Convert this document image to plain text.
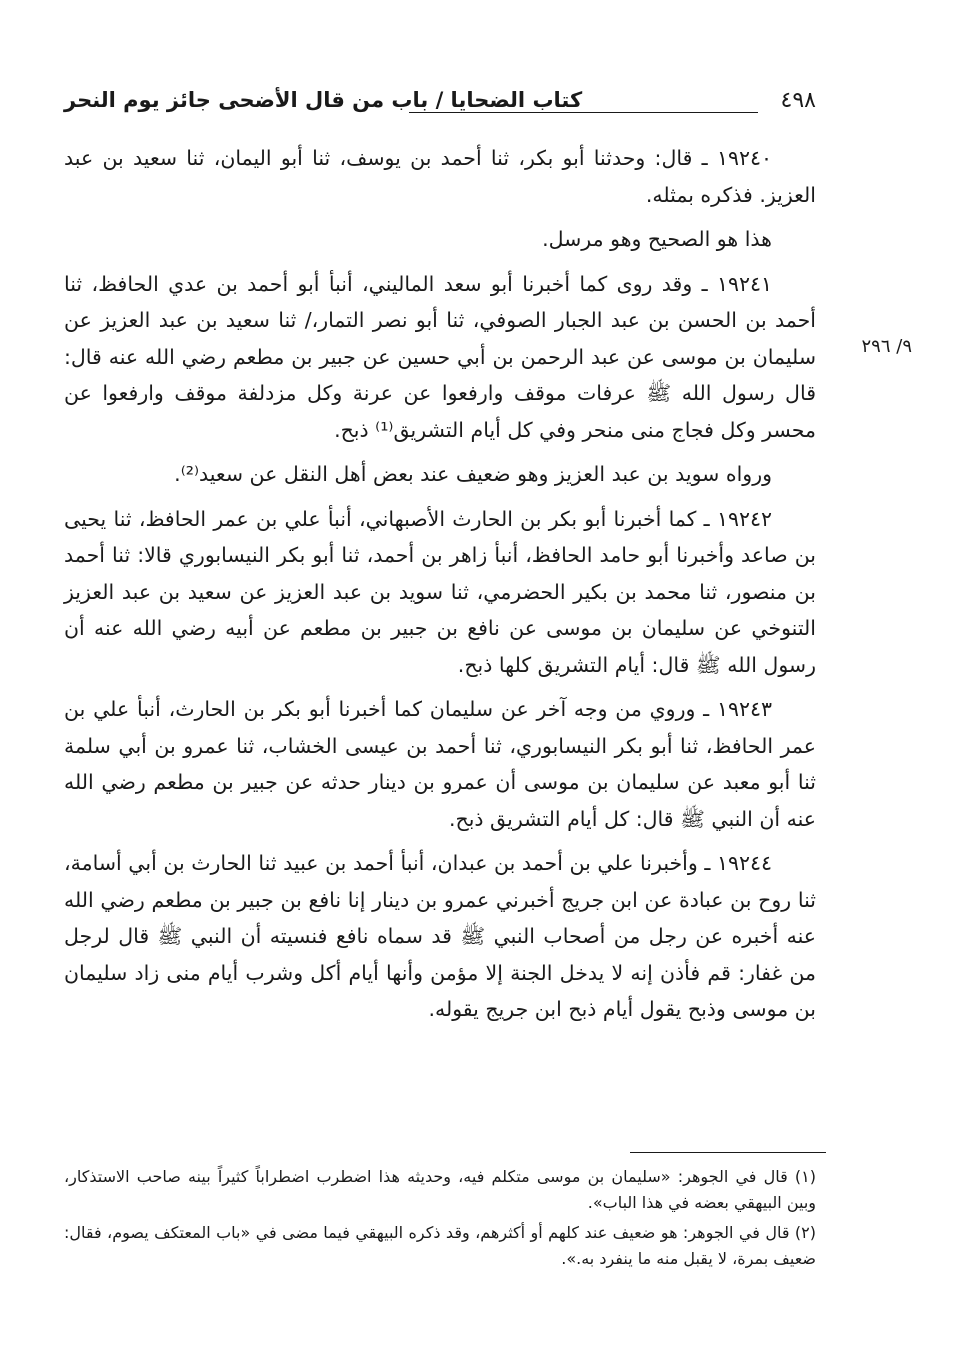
٤٩٨
كتاب الضحايا / باب من قال الأضحى جائز يوم النحر
٩/ ٢٩٦

١٩٢٤٠ ـ قال: وحدثنا أبو بكر، ثنا أحمد بن يوسف، ثنا أبو اليمان، ثنا سعيد بن عبد العزيز. فذكره بمثله.

هذا هو الصحيح وهو مرسل.

١٩٢٤١ ـ وقد روى كما أخبرنا أبو سعد الماليني، أنبأ أبو أحمد بن عدي الحافظ، ثنا أحمد بن الحسن بن عبد الجبار الصوفي، ثنا أبو نصر التمار،/ ثنا سعيد بن عبد العزيز عن سليمان بن موسى عن عبد الرحمن بن أبي حسين عن جبير بن مطعم رضي الله عنه قال: قال رسول الله ﷺ عرفات موقف وارفعوا عن عرنة وكل مزدلفة موقف وارفعوا عن محسر وكل فجاج منى منحر وفي كل أيام التشريق⁽¹⁾ ذبح.

ورواه سويد بن عبد العزيز وهو ضعيف عند بعض أهل النقل عن سعيد⁽²⁾.

١٩٢٤٢ ـ كما أخبرنا أبو بكر بن الحارث الأصبهاني، أنبأ علي بن عمر الحافظ، ثنا يحيى بن صاعد وأخبرنا أبو حامد الحافظ، أنبأ زاهر بن أحمد، ثنا أبو بكر النيسابوري قالا: ثنا أحمد بن منصور، ثنا محمد بن بكير الحضرمي، ثنا سويد بن عبد العزيز عن سعيد بن عبد العزيز التنوخي عن سليمان بن موسى عن نافع بن جبير بن مطعم عن أبيه رضي الله عنه أن رسول الله ﷺ قال: أيام التشريق كلها ذبح.

١٩٢٤٣ ـ وروي من وجه آخر عن سليمان كما أخبرنا أبو بكر بن الحارث، أنبأ علي بن عمر الحافظ، ثنا أبو بكر النيسابوري، ثنا أحمد بن عيسى الخشاب، ثنا عمرو بن أبي سلمة ثنا أبو معبد عن سليمان بن موسى أن عمرو بن دينار حدثه عن جبير بن مطعم رضي الله عنه أن النبي ﷺ قال: كل أيام التشريق ذبح.

١٩٢٤٤ ـ وأخبرنا علي بن أحمد بن عبدان، أنبأ أحمد بن عبيد ثنا الحارث بن أبي أسامة، ثنا روح بن عبادة عن ابن جريج أخبرني عمرو بن دينار إنا نافع بن جبير بن مطعم رضي الله عنه أخبره عن رجل من أصحاب النبي ﷺ قد سماه نافع فنسيته أن النبي ﷺ قال لرجل من غفار: قم فأذن إنه لا يدخل الجنة إلا مؤمن وأنها أيام أكل وشرب أيام منى زاد سليمان بن موسى وذبح يقول أيام ذبح ابن جريج يقوله.

(١) قال في الجوهر: «سليمان بن موسى متكلم فيه، وحديثه هذا اضطرب اضطراباً كثيراً بينه صاحب الاستذكار، وبين البيهقي بعضه في هذا الباب».

(٢) قال في الجوهر: هو ضعيف عند كلهم أو أكثرهم، وقد ذكره البيهقي فيما مضى في «باب المعتكف يصوم، فقال: ضعيف بمرة، لا يقبل منه ما ينفرد به.».
